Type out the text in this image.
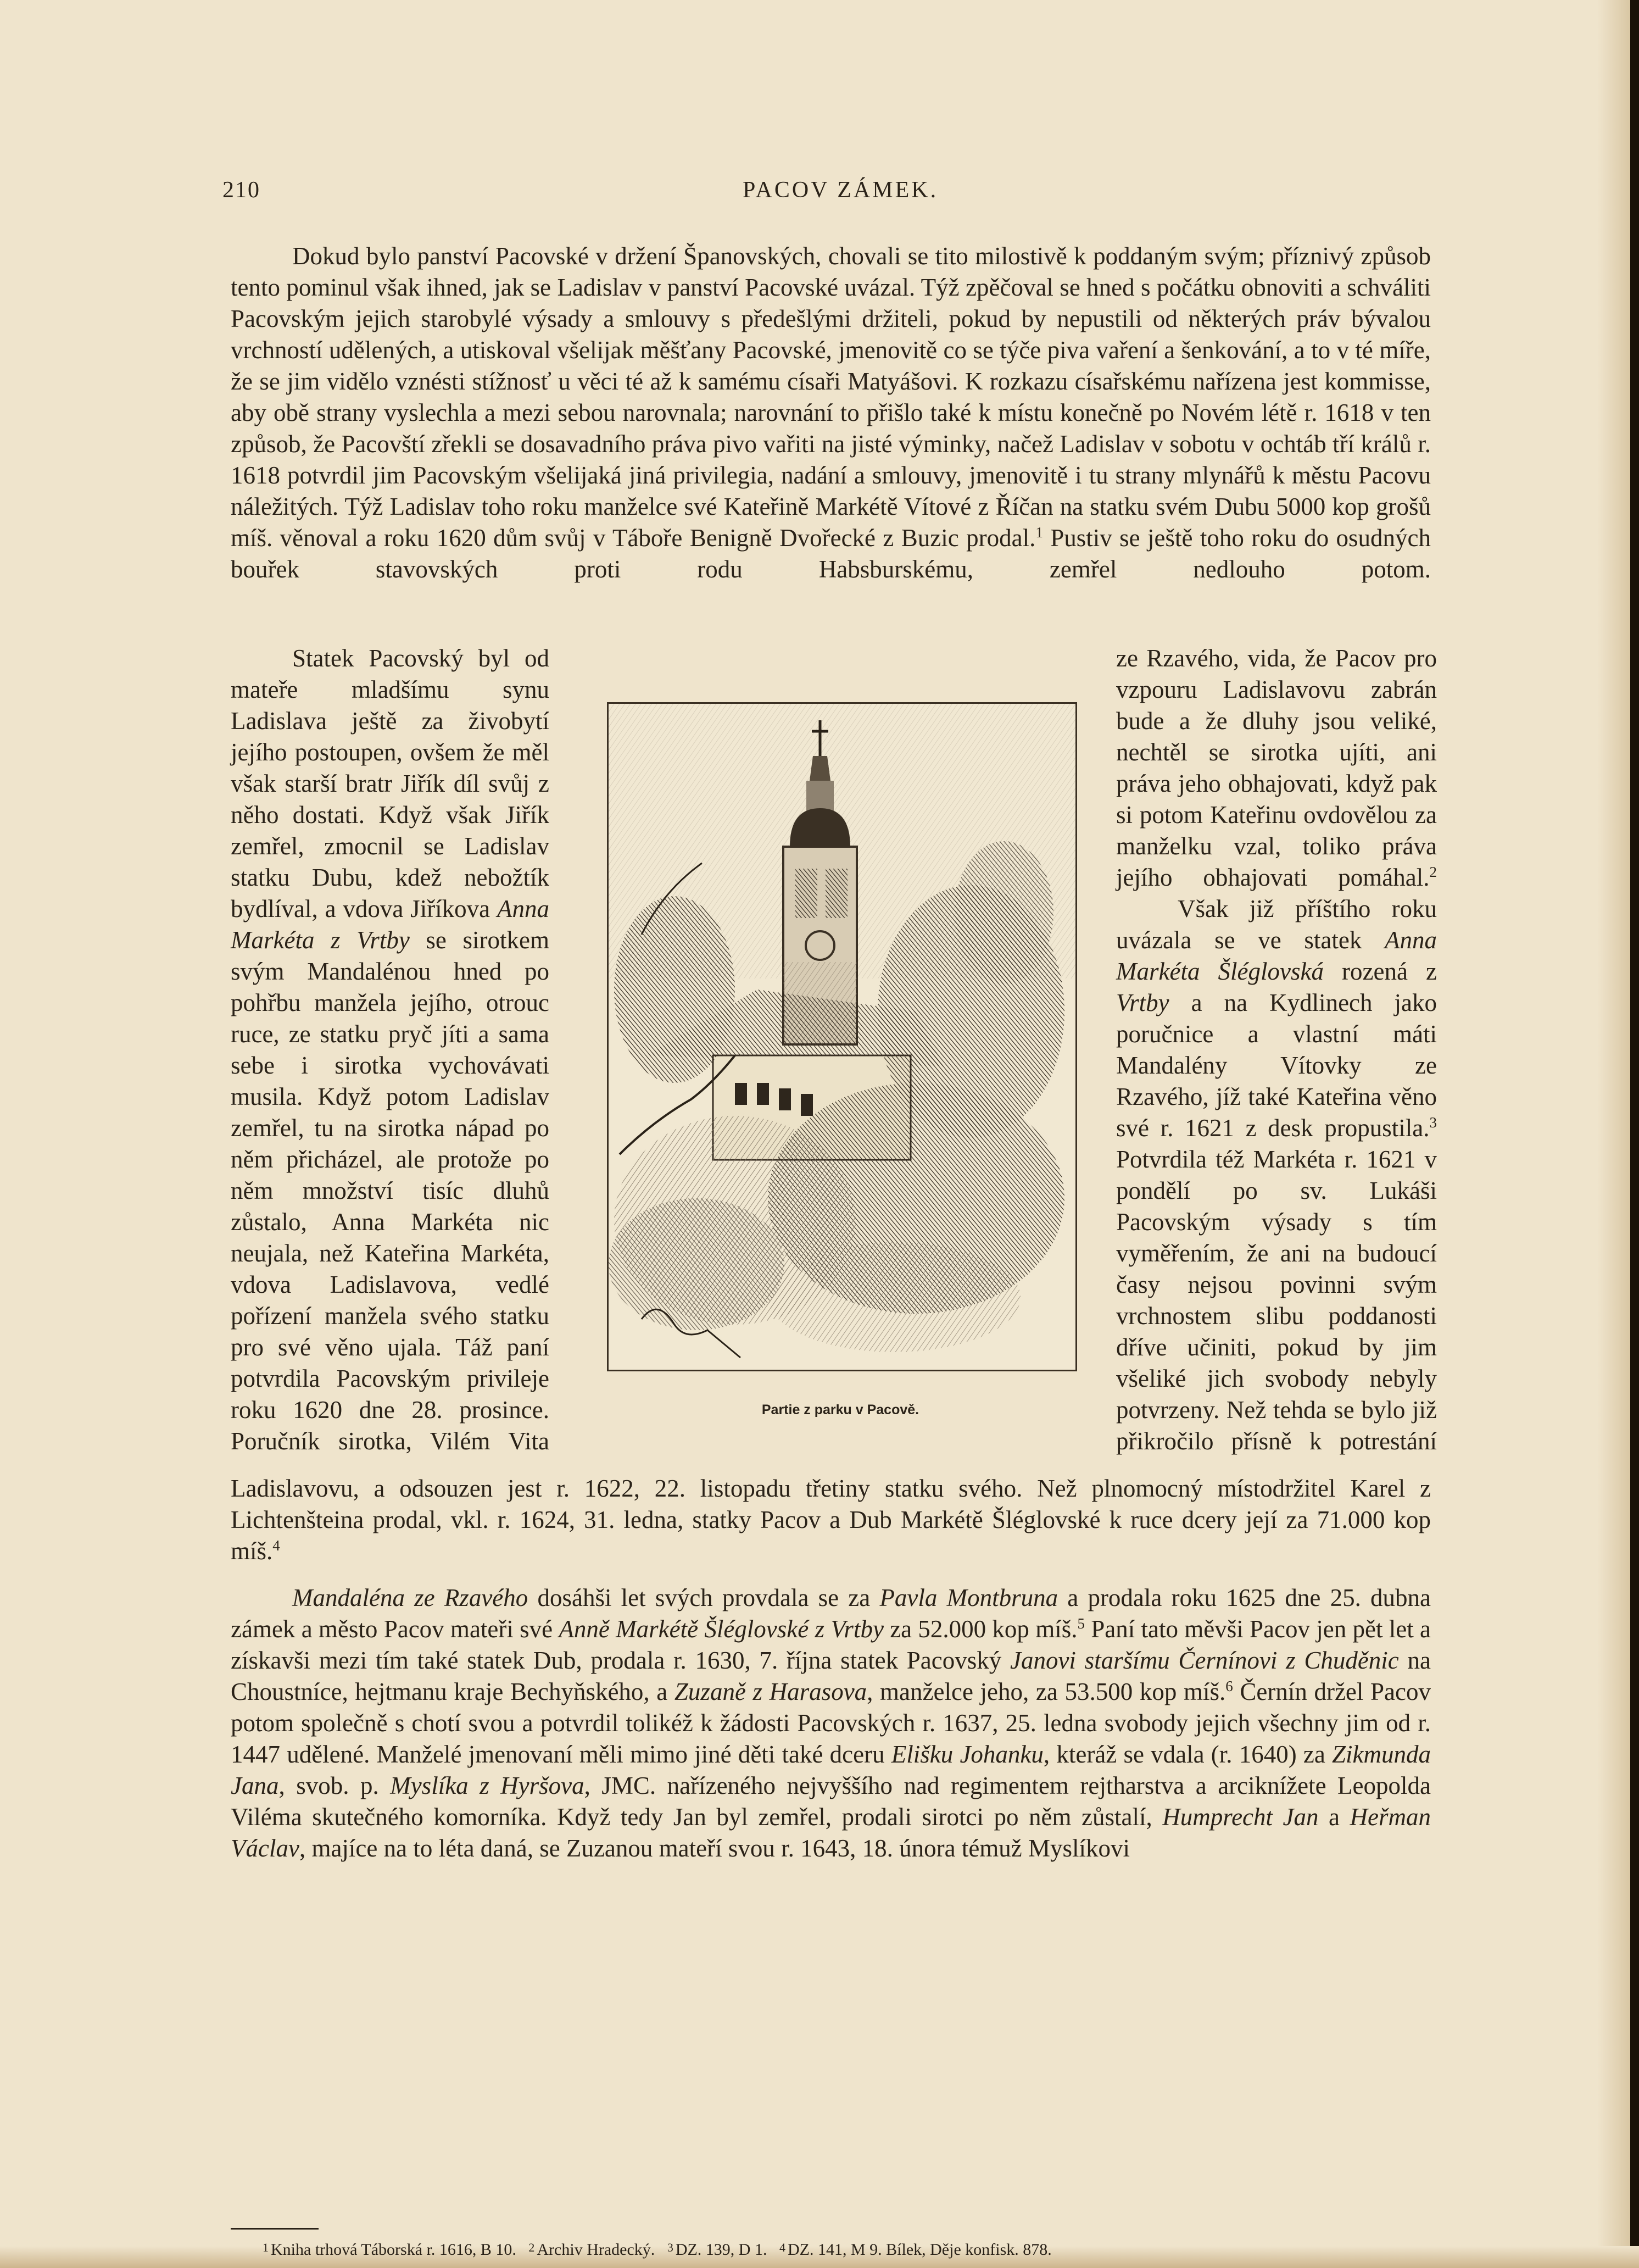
210	PACOV ZÁMEK.

Dokud bylo panství Pacovské v držení Španovských, chovali se tito milostivě k poddaným svým; příznivý způsob tento pominul však ihned, jak se Ladislav v panství Pacovské uvázal. Týž zpěčoval se hned s počátku obnoviti a schváliti Pacovským jejich starobylé výsady a smlouvy s předešlými držiteli, pokud by nepustili od některých práv bývalou vrchností udělených, a utiskoval všelijak měšťany Pacovské, jmenovitě co se týče piva vaření a šenkování, a to v té míře, že se jim vidělo vznésti stížnosť u věci té až k samému císaři Matyášovi. K rozkazu císařskému nařízena jest kommisse, aby obě strany vyslechla a mezi sebou narovnala; narovnání to přišlo také k místu konečně po Novém létě r. 1618 v ten způsob, že Pacovští zřekli se dosavadního práva pivo vařiti na jisté výminky, načež Ladislav v sobotu v ochtáb tří králů r. 1618 potvrdil jim Pacovským všelijaká jiná privilegia, nadání a smlouvy, jmenovitě i tu strany mlynářů k městu Pacovu náležitých. Týž Ladislav toho roku manželce své Kateřině Markétě Vítové z Říčan na statku svém Dubu 5000 kop grošů míš. věnoval a roku 1620 dům svůj v Táboře Benigně Dvořecké z Buzic prodal.$^1$ Pustiv se ještě toho roku do osudných bouřek stavovských proti rodu Habsburskému, zemřel nedlouho potom.

Statek Pacovský byl od mateře mladšímu synu Ladislava ještě za živobytí jejího postoupen, ovšem že měl však starší bratr Jiřík díl svůj z něho dostati. Když však Jiřík zemřel, zmocnil se Ladislav statku Dubu, kdež nebožtík bydlíval, a vdova Jiříkova Anna Markéta z Vrtby se sirotkem svým Mandalénou hned po pohřbu manžela jejího, otrouc ruce, ze statku pryč jíti a sama sebe i sirotka vychovávati musila. Když potom Ladislav zemřel, tu na sirotka nápad po něm přicházel, ale protože po něm množství tisíc dluhů zůstalo, Anna Markéta nic neujala, než Kateřina Markéta, vdova Ladislavova, vedlé pořízení manžela svého statku pro své věno ujala. Táž paní potvrdila Pacovským privileje roku 1620 dne 28. prosince. Poručník sirotka, Vilém Vita

ze Rzavého, vida, že Pacov pro vzpouru Ladislavovu zabrán bude a že dluhy jsou veliké, nechtěl se sirotka ujíti, ani práva jeho obhajovati, když pak si potom Kateřinu ovdovělou za manželku vzal, toliko práva jejího obhajovati pomáhal.$^2$
Však již příštího roku uvázala se ve statek Anna Markéta Šléglovská rozená z Vrtby a na Kydlinech jako poručnice a vlastní máti Mandalény Vítovky ze Rzavého, jíž také Kateřina věno své r. 1621 z desk propustila.$^3$ Potvrdila též Markéta r. 1621 v pondělí po sv. Lukáši Pacovským výsady s tím vyměřením, že ani na budoucí časy nejsou povinni svým vrchnostem slibu poddanosti dříve učiniti, pokud by jim všeliké jich svobody nebyly potvrzeny. Než tehda se bylo již přikročilo přísně k potrestání

Partie z parku v Pacově.

Ladislavovu, a odsouzen jest r. 1622, 22. listopadu třetiny statku svého. Než plnomocný místodržitel Karel z Lichtenšteina prodal, vkl. r. 1624, 31. ledna, statky Pacov a Dub Markétě Šléglovské k ruce dcery její za 71.000 kop míš.$^4$

Mandaléna ze Rzavého dosáhši let svých provdala se za Pavla Montbruna a prodala roku 1625 dne 25. dubna zámek a město Pacov mateři své Anně Markétě Šléglovské z Vrtby za 52.000 kop míš.$^5$ Paní tato měvši Pacov jen pět let a získavši mezi tím také statek Dub, prodala r. 1630, 7. října statek Pacovský Janovi staršímu Černínovi z Chuděnic na Choustníce, hejtmanu kraje Bechyňského, a Zuzaně z Harasova, manželce jeho, za 53.500 kop míš.$^6$ Černín držel Pacov potom společně s chotí svou a potvrdil tolikéž k žádosti Pacovských r. 1637, 25. ledna svobody jejich všechny jim od r. 1447 udělené. Manželé jmenovaní měli mimo jiné děti také dceru Elišku Johanku, kteráž se vdala (r. 1640) za Zikmunda Jana, svob. p. Myslíka z Hyršova, JMC. nařízeného nejvyššího nad regimentem rejtharstva a arciknížete Leopolda Viléma skutečného komorníka. Když tedy Jan byl zemřel, prodali sirotci po něm zůstalí, Humprecht Jan a Heřman Václav, majíce na to léta daná, se Zuzanou mateří svou r. 1643, 18. února témuž Myslíkovi

$^1$ Kniha trhová Táborská r. 1616, B 10. $^2$ Archiv Hradecký. $^3$ DZ. 139, D 1. $^4$ DZ. 141, M 9. Bílek, Děje konfisk. 878.
